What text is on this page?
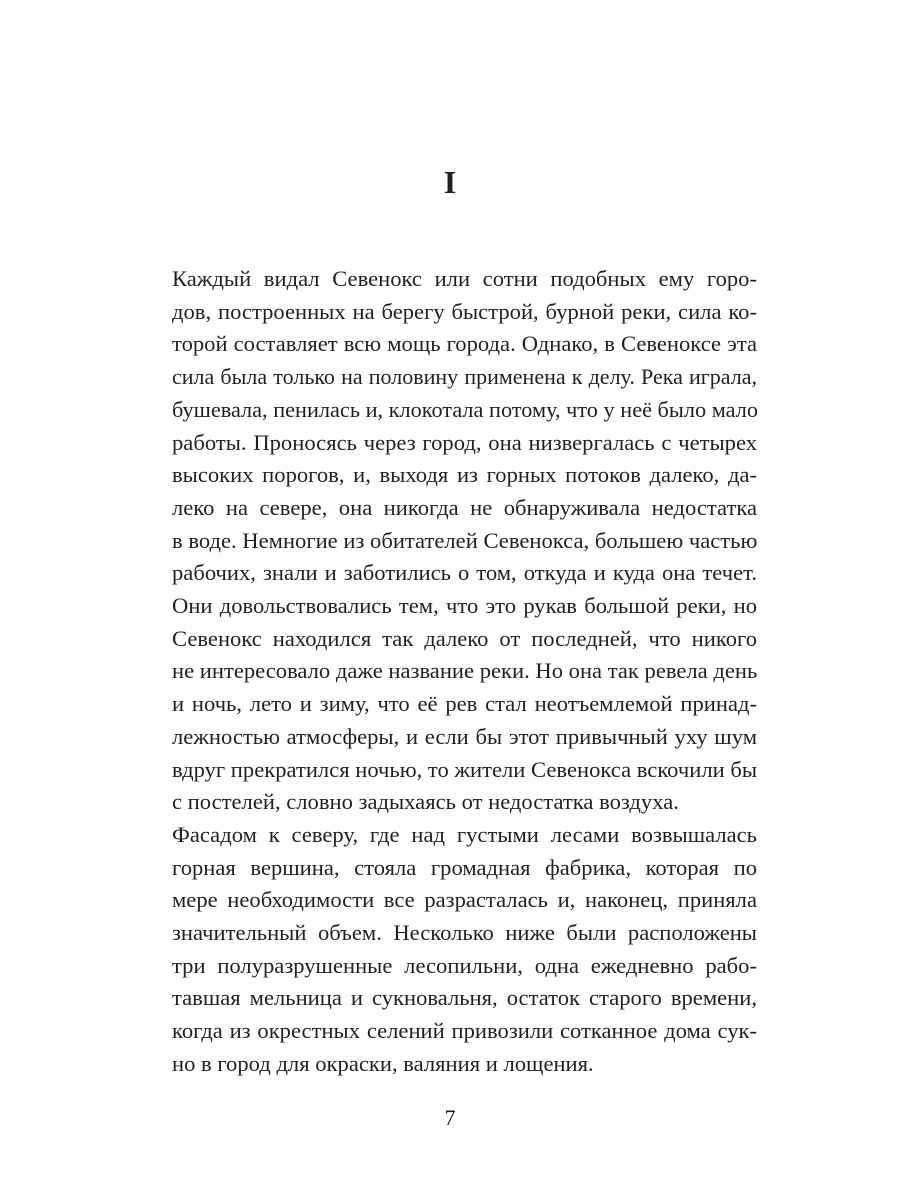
I

Каждый видал Севенокс или сотни подобных ему горо-
дов, построенных на берегу быстрой, бурной реки, сила ко-
торой составляет всю мощь города. Однако, в Севеноксе эта
сила была только на половину применена к делу. Река играла,
бушевала, пенилась и, клокотала потому, что у неё было мало
работы. Проносясь через город, она низвергалась с четырех
высоких порогов, и, выходя из горных потоков далеко, да-
леко на севере, она никогда не обнаруживала недостатка
в воде. Немногие из обитателей Севенокса, большею частью
рабочих, знали и заботились о том, откуда и куда она течет.
Они довольствовались тем, что это рукав большой реки, но
Севенокс находился так далеко от последней, что никого
не интересовало даже название реки. Но она так ревела день
и ночь, лето и зиму, что её рев стал неотъемлемой принад-
лежностью атмосферы, и если бы этот привычный уху шум
вдруг прекратился ночью, то жители Севенокса вскочили бы
с постелей, словно задыхаясь от недостатка воздуха.

Фасадом к северу, где над густыми лесами возвышалась
горная вершина, стояла громадная фабрика, которая по
мере необходимости все разрасталась и, наконец, приняла
значительный объем. Несколько ниже были расположены
три полуразрушенные лесопильни, одна ежедневно рабо-
тавшая мельница и сукновальня, остаток старого времени,
когда из окрестных селений привозили сотканное дома сук-
но в город для окраски, валяния и лощения.

7
